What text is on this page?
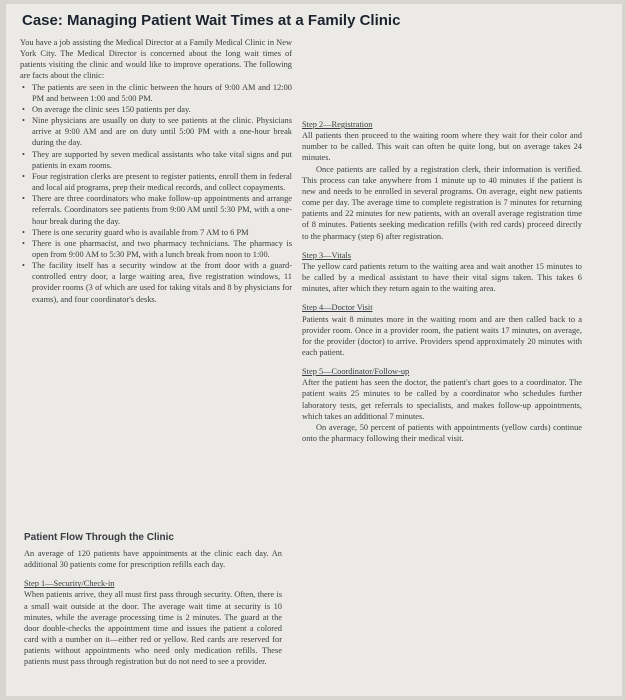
Case: Managing Patient Wait Times at a Family Clinic

You have a job assisting the Medical Director at a Family Medical Clinic in New York City. The Medical Director is concerned about the long wait times of patients visiting the clinic and would like to improve operations. The following are facts about the clinic:

• The patients are seen in the clinic between the hours of 9:00 AM and 12:00 PM and between 1:00 and 5:00 PM.
• On average the clinic sees 150 patients per day.
• Nine physicians are usually on duty to see patients at the clinic. Physicians arrive at 9:00 AM and are on duty until 5:00 PM with a one-hour break during the day.
• They are supported by seven medical assistants who take vital signs and put patients in exam rooms.
• Four registration clerks are present to register patients, enroll them in federal and local aid programs, prep their medical records, and collect copayments.
• There are three coordinators who make follow-up appointments and arrange referrals. Coordinators see patients from 9:00 AM until 5:30 PM, with a one-hour break during the day.
• There is one security guard who is available from 7 AM to 6 PM
• There is one pharmacist, and two pharmacy technicians. The pharmacy is open from 9:00 AM to 5:30 PM, with a lunch break from noon to 1:00.
• The facility itself has a security window at the front door with a guard-controlled entry door, a large waiting area, five registration windows, 11 provider rooms (3 of which are used for taking vitals and 8 by physicians for exams), and four coordinator's desks.
Patient Flow Through the Clinic

An average of 120 patients have appointments at the clinic each day. An additional 30 patients come for prescription refills each day.

Step 1—Security/Check-in

When patients arrive, they all must first pass through security. Often, there is a small wait outside at the door. The average wait time at security is 10 minutes, while the average processing time is 2 minutes. The guard at the door double-checks the appointment time and issues the patient a colored card with a number on it—either red or yellow. Red cards are reserved for patients without appointments who need only medication refills. These patients must pass through registration but do not need to see a provider.

Step 2—Registration

All patients then proceed to the waiting room where they wait for their color and number to be called. This wait can often be quite long, but on average takes 24 minutes.

Once patients are called by a registration clerk, their information is verified. This process can take anywhere from 1 minute up to 40 minutes if the patient is new and needs to be enrolled in several programs. On average, eight new patients come per day. The average time to complete registration is 7 minutes for returning patients and 22 minutes for new patients, with an overall average registration time of 8 minutes. Patients seeking medication refills (with red cards) proceed directly to the pharmacy (step 6) after registration.

Step 3—Vitals

The yellow card patients return to the waiting area and wait another 15 minutes to be called by a medical assistant to have their vital signs taken. This takes 6 minutes, after which they return again to the waiting area.

Step 4—Doctor Visit

Patients wait 8 minutes more in the waiting room and are then called back to a provider room. Once in a provider room, the patient waits 17 minutes, on average, for the provider (doctor) to arrive. Providers spend approximately 20 minutes with each patient.

Step 5—Coordinator/Follow-up

After the patient has seen the doctor, the patient's chart goes to a coordinator. The patient waits 25 minutes to be called by a coordinator who schedules further laboratory tests, get referrals to specialists, and makes follow-up appointments, which takes an additional 7 minutes.

On average, 50 percent of patients with appointments (yellow cards) continue onto the pharmacy following their medical visit.
